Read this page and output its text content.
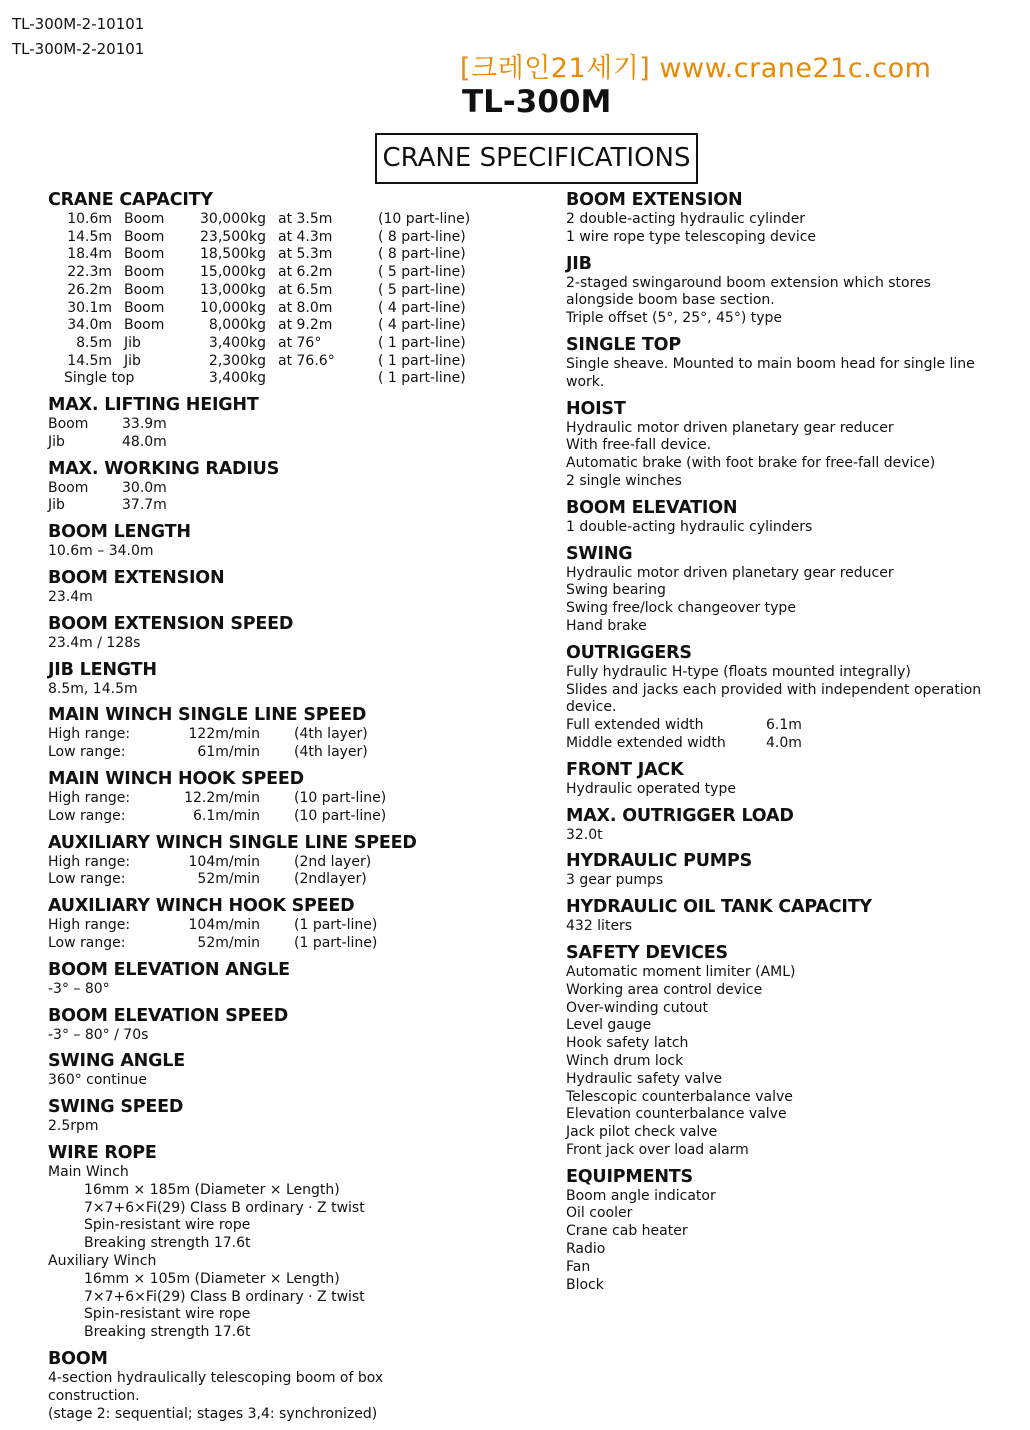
TL-300M-2-10101
TL-300M-2-20101
[크레인21세기] www.crane21c.com
TL-300M
CRANE SPECIFICATIONS
CRANE CAPACITY
10.6m	Boom	30,000kg	at 3.5m	(10 part-line)
14.5m	Boom	23,500kg	at 4.3m	( 8 part-line)
18.4m	Boom	18,500kg	at 5.3m	( 8 part-line)
22.3m	Boom	15,000kg	at 6.2m	( 5 part-line)
26.2m	Boom	13,000kg	at 6.5m	( 5 part-line)
30.1m	Boom	10,000kg	at 8.0m	( 4 part-line)
34.0m	Boom	8,000kg	at 9.2m	( 4 part-line)
8.5m	Jib	3,400kg	at 76°	( 1 part-line)
14.5m	Jib	2,300kg	at 76.6°	( 1 part-line)
Single top		3,400kg		( 1 part-line)
MAX. LIFTING HEIGHT
Boom	33.9m
Jib	48.0m
MAX. WORKING RADIUS
Boom	30.0m
Jib	37.7m
BOOM LENGTH
10.6m – 34.0m
BOOM EXTENSION
23.4m
BOOM EXTENSION SPEED
23.4m / 128s
JIB LENGTH
8.5m, 14.5m
MAIN WINCH SINGLE LINE SPEED
High range:	122m/min	(4th layer)
Low range:	61m/min	(4th layer)
MAIN WINCH HOOK SPEED
High range:	12.2m/min	(10 part-line)
Low range:	6.1m/min	(10 part-line)
AUXILIARY WINCH SINGLE LINE SPEED
High range:	104m/min	(2nd layer)
Low range:	52m/min	(2ndlayer)
AUXILIARY WINCH HOOK SPEED
High range:	104m/min	(1 part-line)
Low range:	52m/min	(1 part-line)
BOOM ELEVATION ANGLE
-3° – 80°
BOOM ELEVATION SPEED
-3° – 80° / 70s
SWING ANGLE
360° continue
SWING SPEED
2.5rpm
WIRE ROPE
Main Winch
16mm × 185m (Diameter × Length)
7×7+6×Fi(29) Class B ordinary · Z twist
Spin-resistant wire rope
Breaking strength 17.6t
Auxiliary Winch
16mm × 105m (Diameter × Length)
7×7+6×Fi(29) Class B ordinary · Z twist
Spin-resistant wire rope
Breaking strength 17.6t
BOOM
4-section hydraulically telescoping boom of box construction.
(stage 2: sequential; stages 3,4: synchronized)
BOOM EXTENSION
2 double-acting hydraulic cylinder
1 wire rope type telescoping device
JIB
2-staged swingaround boom extension which stores alongside boom base section.
Triple offset (5°, 25°, 45°) type
SINGLE TOP
Single sheave. Mounted to main boom head for single line work.
HOIST
Hydraulic motor driven planetary gear reducer
With free-fall device.
Automatic brake (with foot brake for free-fall device)
2 single winches
BOOM ELEVATION
1 double-acting hydraulic cylinders
SWING
Hydraulic motor driven planetary gear reducer
Swing bearing
Swing free/lock changeover type
Hand brake
OUTRIGGERS
Fully hydraulic H-type (floats mounted integrally)
Slides and jacks each provided with independent operation device.
Full extended width	6.1m
Middle extended width	4.0m
FRONT JACK
Hydraulic operated type
MAX. OUTRIGGER LOAD
32.0t
HYDRAULIC PUMPS
3 gear pumps
HYDRAULIC OIL TANK CAPACITY
432 liters
SAFETY DEVICES
Automatic moment limiter (AML)
Working area control device
Over-winding cutout
Level gauge
Hook safety latch
Winch drum lock
Hydraulic safety valve
Telescopic counterbalance valve
Elevation counterbalance valve
Jack pilot check valve
Front jack over load alarm
EQUIPMENTS
Boom angle indicator
Oil cooler
Crane cab heater
Radio
Fan
Block
